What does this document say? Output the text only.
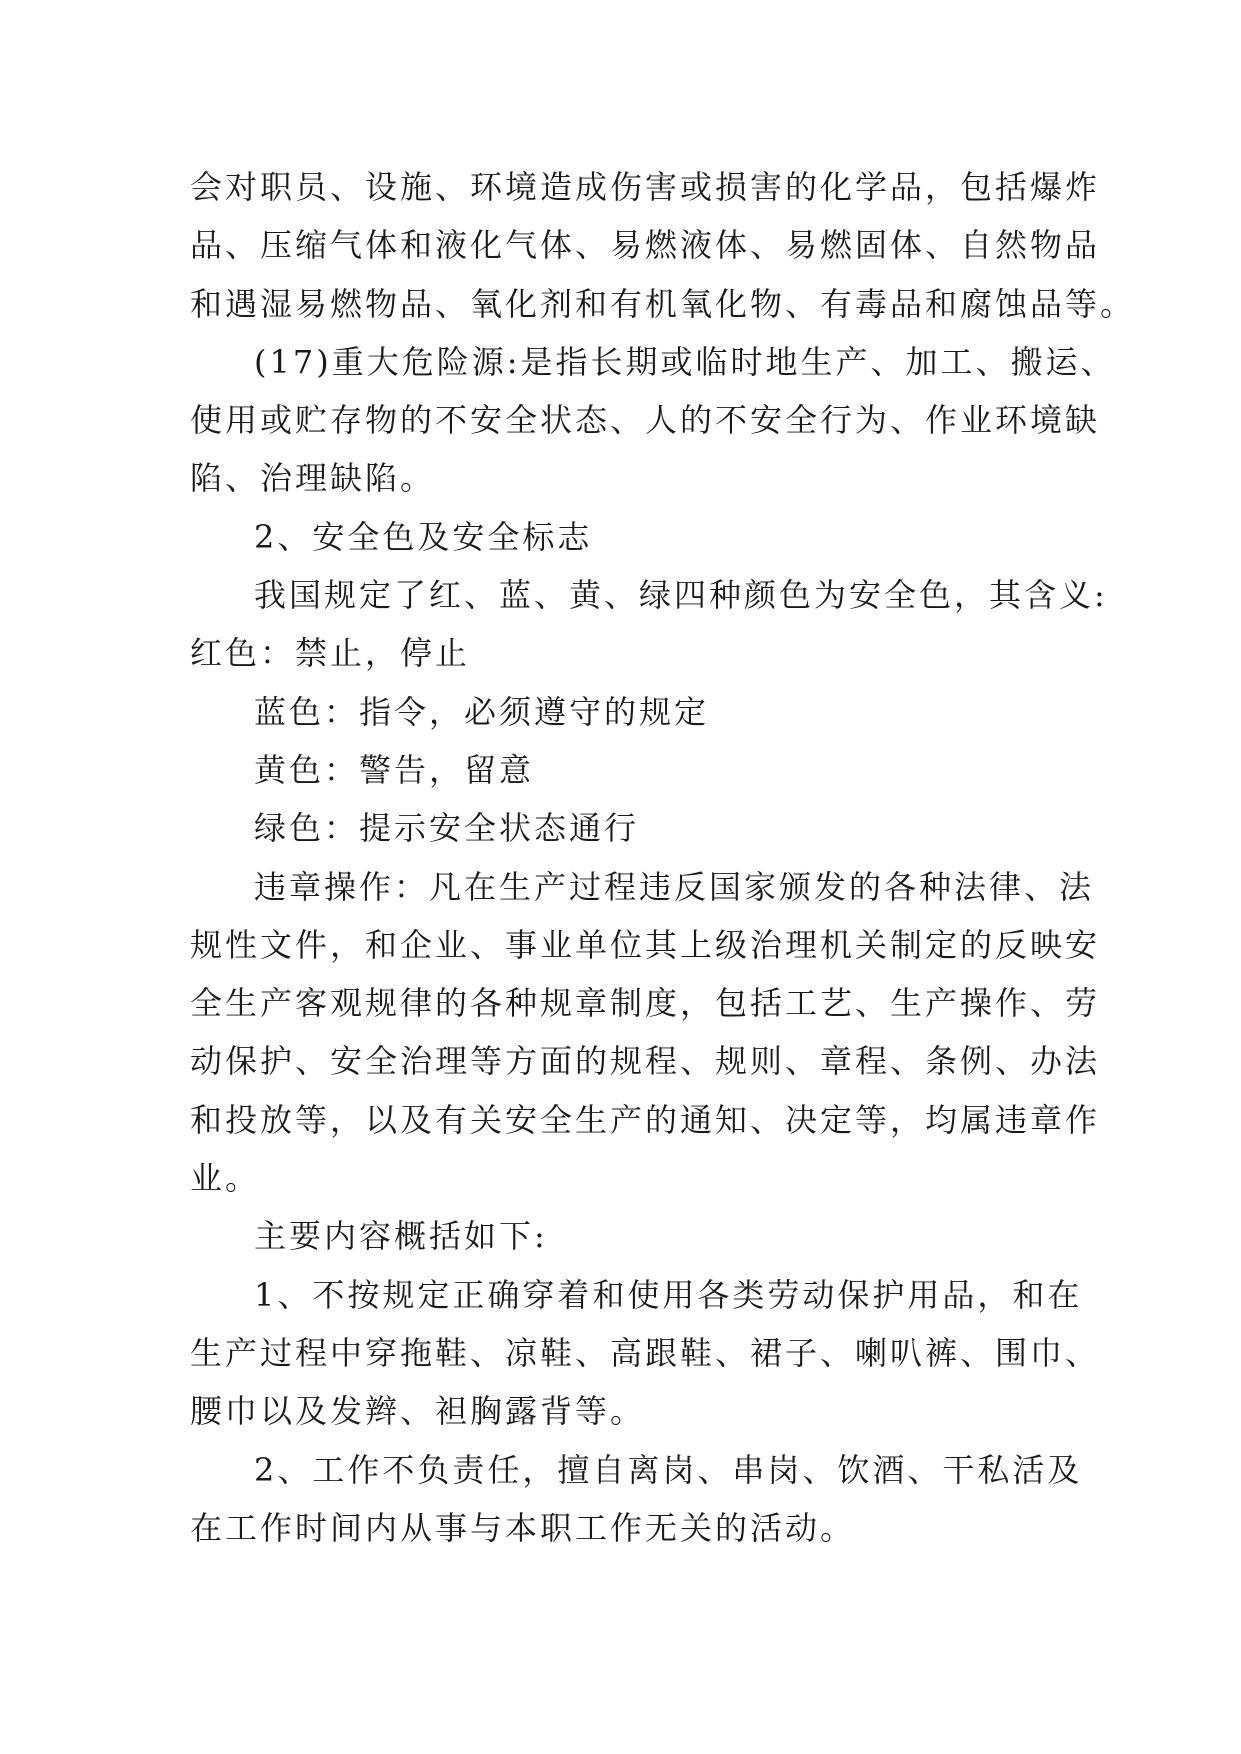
会对职员、设施、环境造成伤害或损害的化学品，包括爆炸
品、压缩气体和液化气体、易燃液体、易燃固体、自然物品
和遇湿易燃物品、氧化剂和有机氧化物、有毒品和腐蚀品等。
(17)重大危险源:是指长期或临时地生产、加工、搬运、
使用或贮存物的不安全状态、人的不安全行为、作业环境缺
陷、治理缺陷。
2、安全色及安全标志
我国规定了红、蓝、黄、绿四种颜色为安全色，其含义:
红色：禁止，停止
蓝色：指令，必须遵守的规定
黄色：警告，留意
绿色：提示安全状态通行
违章操作：凡在生产过程违反国家颁发的各种法律、法
规性文件，和企业、事业单位其上级治理机关制定的反映安
全生产客观规律的各种规章制度，包括工艺、生产操作、劳
动保护、安全治理等方面的规程、规则、章程、条例、办法
和投放等，以及有关安全生产的通知、决定等，均属违章作
业。
主要内容概括如下:
1、不按规定正确穿着和使用各类劳动保护用品，和在
生产过程中穿拖鞋、凉鞋、高跟鞋、裙子、喇叭裤、围巾、
腰巾以及发辫、袒胸露背等。
2、工作不负责任，擅自离岗、串岗、饮酒、干私活及
在工作时间内从事与本职工作无关的活动。
